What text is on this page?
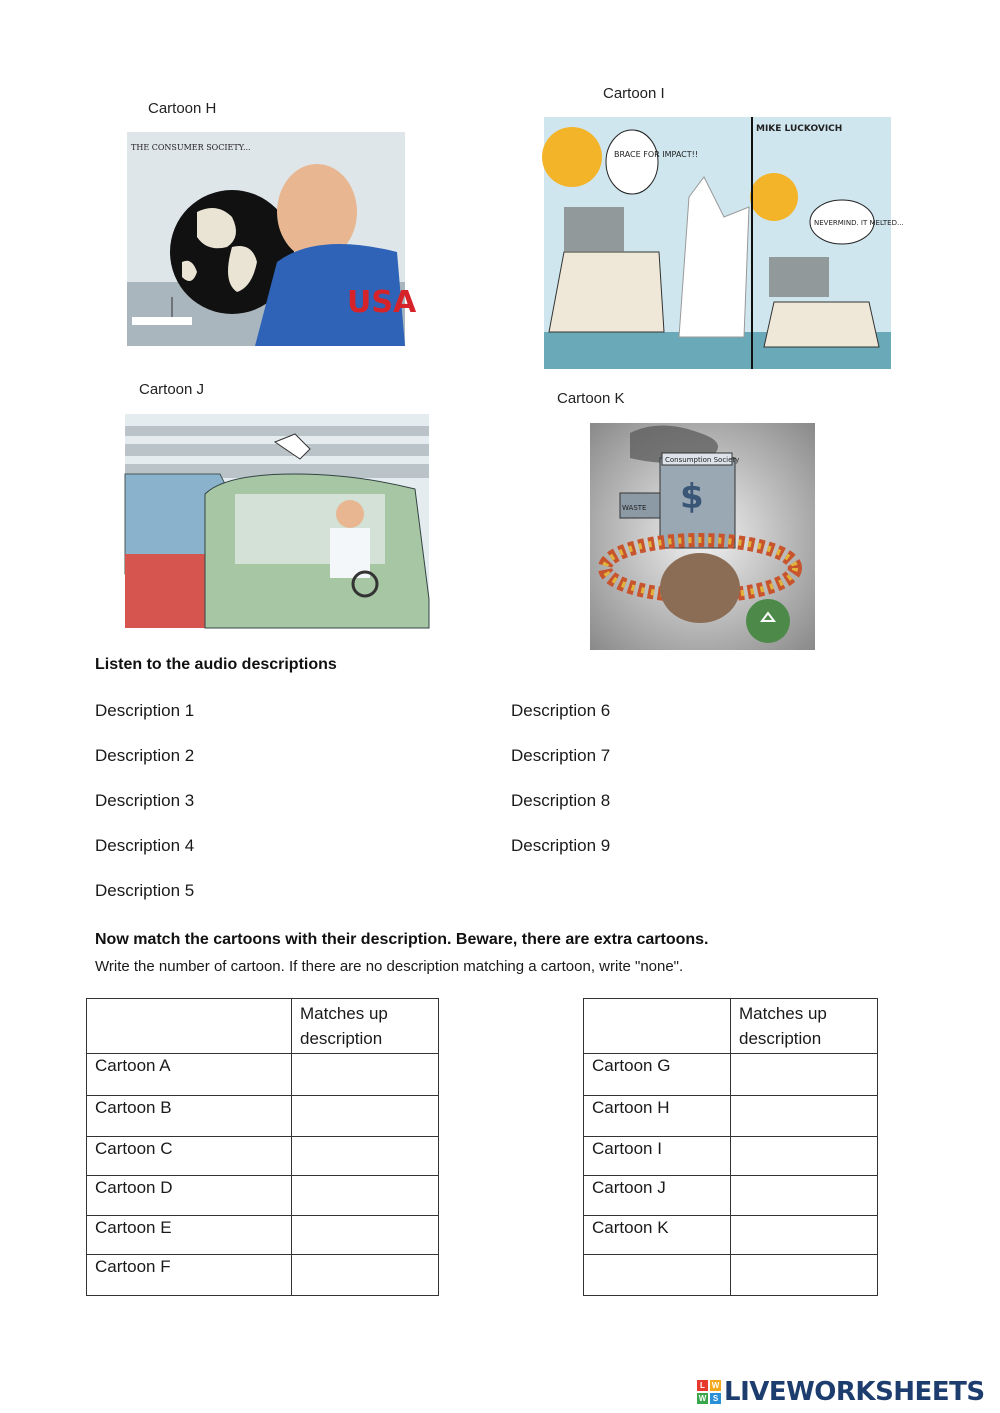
Cartoon H
THE CONSUMER SOCIETY...
USA
Cartoon I
BRACE FOR IMPACT!!
NEVERMIND. IT MELTED...
MIKE LUCKOVICH
Cartoon J
Cartoon K
Consumption Society
$
WASTE
Listen to the audio descriptions
Description 1
Description 2
Description 3
Description 4
Description 5
Description 6
Description 7
Description 8
Description 9
Now match the cartoons with their description. Beware, there are extra cartoons.
Write the number of cartoon. If there are no description matching a cartoon, write "none".
	Matches up description
Cartoon A	
Cartoon B	
Cartoon C	
Cartoon D	
Cartoon E	
Cartoon F	
	Matches up description
Cartoon G	
Cartoon H	
Cartoon I	
Cartoon J	
Cartoon K	

L W
W S LIVEWORKSHEETS
